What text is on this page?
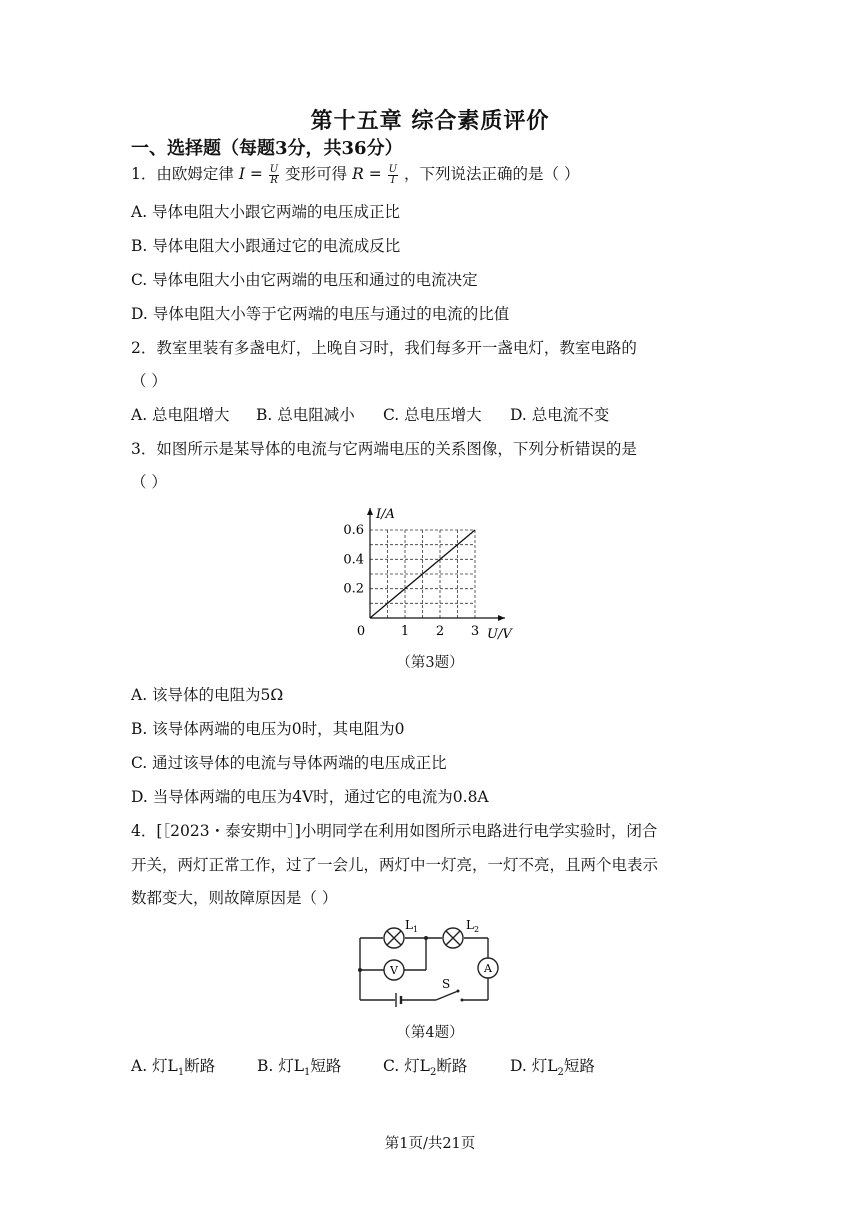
第十五章 综合素质评价
一、选择题（每题3分，共36分）
1．由欧姆定律 $I = \frac{U}{R}$ 变形可得 $R = \frac{U}{I}$ ，下列说法正确的是（ ）
A. 导体电阻大小跟它两端的电压成正比
B. 导体电阻大小跟通过它的电流成反比
C. 导体电阻大小由它两端的电压和通过的电流决定
D. 导体电阻大小等于它两端的电压与通过的电流的比值
2．教室里装有多盏电灯，上晚自习时，我们每多开一盏电灯，教室电路的
（ ）
A. 总电阻增大 B. 总电阻减小 C. 总电压增大 D. 总电流不变
3．如图所示是某导体的电流与它两端电压的关系图像，下列分析错误的是
（ ）
1 2 3
0.2
0.4
0.6
0	U/V
I/A
（第3题）
A. 该导体的电阻为5Ω
B. 该导体两端的电压为0时，其电阻为0
C. 通过该导体的电流与导体两端的电压成正比
D. 当导体两端的电压为4V时，通过它的电流为0.8A
4．[［2023・泰安期中］]小明同学在利用如图所示电路进行电学实验时，闭合
开关，两灯正常工作，过了一会儿，两灯中一灯亮，一灯不亮，且两个电表示
数都变大，则故障原因是（ ）
$L_1$	$L_2$
V	A
S
（第4题）
A. 灯$L_1$断路	B. 灯$L_1$短路	C. 灯$L_2$断路	D. 灯$L_2$短路
第1页/共21页
